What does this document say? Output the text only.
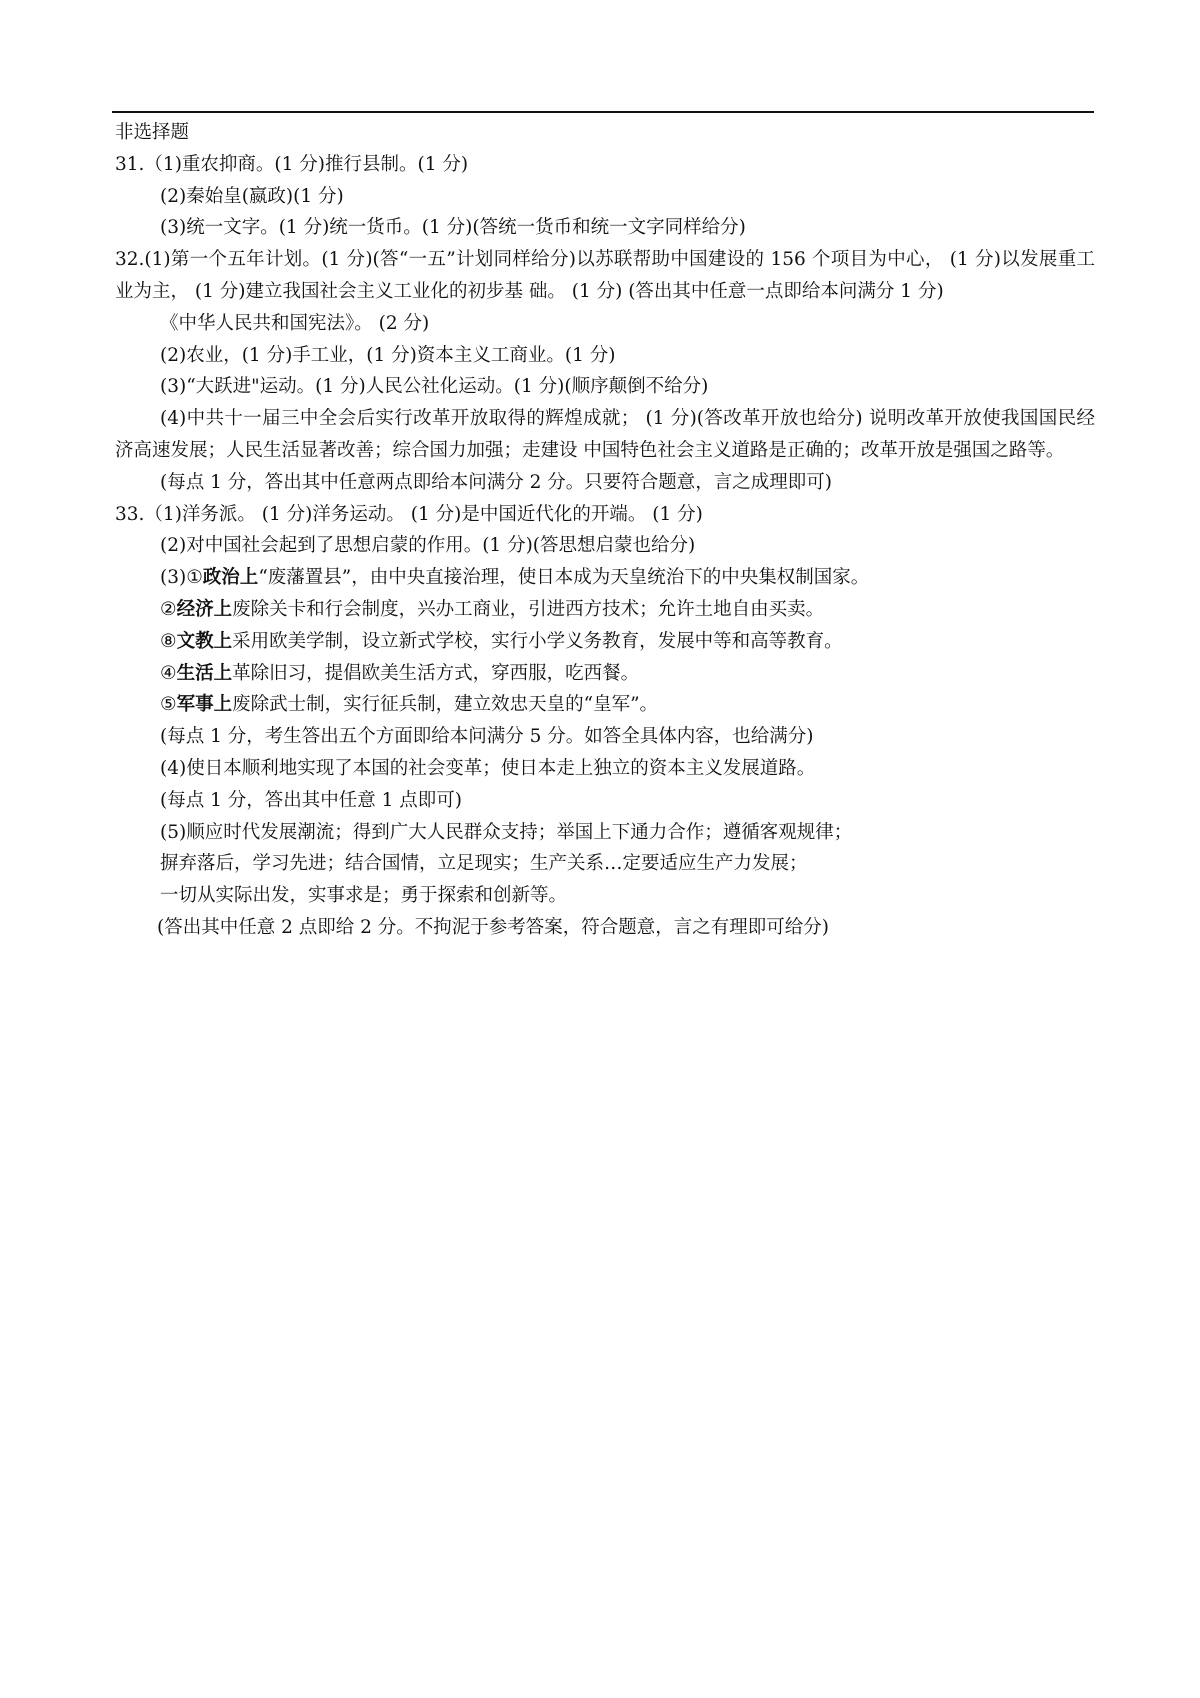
非选择题
31.（1)重农抑商。(1 分)推行县制。(1 分)
(2)秦始皇(嬴政)(1 分)
(3)统一文字。(1 分)统一货币。(1 分)(答统一货币和统一文字同样给分)
32.(1)第一个五年计划。(1 分)(答“一五”计划同样给分)以苏联帮助中国建设的 156 个项目为中心， (1 分)以发展重工业为主， (1 分)建立我国社会主义工业化的初步基 础。 (1 分) (答出其中任意一点即给本问满分 1 分)
《中华人民共和国宪法》。 (2 分)
(2)农业，(1 分)手工业，(1 分)资本主义工商业。(1 分)
(3)“大跃进"运动。(1 分)人民公社化运动。(1 分)(顺序颠倒不给分)
(4)中共十一届三中全会后实行改革开放取得的辉煌成就； (1 分)(答改革开放也给分) 说明改革开放使我国国民经济高速发展；人民生活显著改善；综合国力加强；走建设 中国特色社会主义道路是正确的；改革开放是强国之路等。
(每点 1 分，答出其中任意两点即给本问满分 2 分。只要符合题意，言之成理即可)
33.（1)洋务派。 (1 分)洋务运动。 (1 分)是中国近代化的开端。 (1 分)
(2)对中国社会起到了思想启蒙的作用。(1 分)(答思想启蒙也给分)
(3)①政治上“废藩置县”，由中央直接治理，使日本成为天皇统治下的中央集权制国家。
②经济上废除关卡和行会制度，兴办工商业，引进西方技术；允许土地自由买卖。
⑧文教上采用欧美学制，设立新式学校，实行小学义务教育，发展中等和高等教育。
④生活上革除旧习，提倡欧美生活方式，穿西服，吃西餐。
⑤军事上废除武士制，实行征兵制，建立效忠天皇的“皇军”。
(每点 1 分，考生答出五个方面即给本问满分 5 分。如答全具体内容，也给满分)
(4)使日本顺利地实现了本国的社会变革；使日本走上独立的资本主义发展道路。
(每点 1 分，答出其中任意 1 点即可)
(5)顺应时代发展潮流；得到广大人民群众支持；举国上下通力合作；遵循客观规律；
摒弃落后，学习先进；结合国情，立足现实；生产关系…定要适应生产力发展；
一切从实际出发，实事求是；勇于探索和创新等。
(答出其中任意 2 点即给 2 分。不拘泥于参考答案，符合题意，言之有理即可给分)
